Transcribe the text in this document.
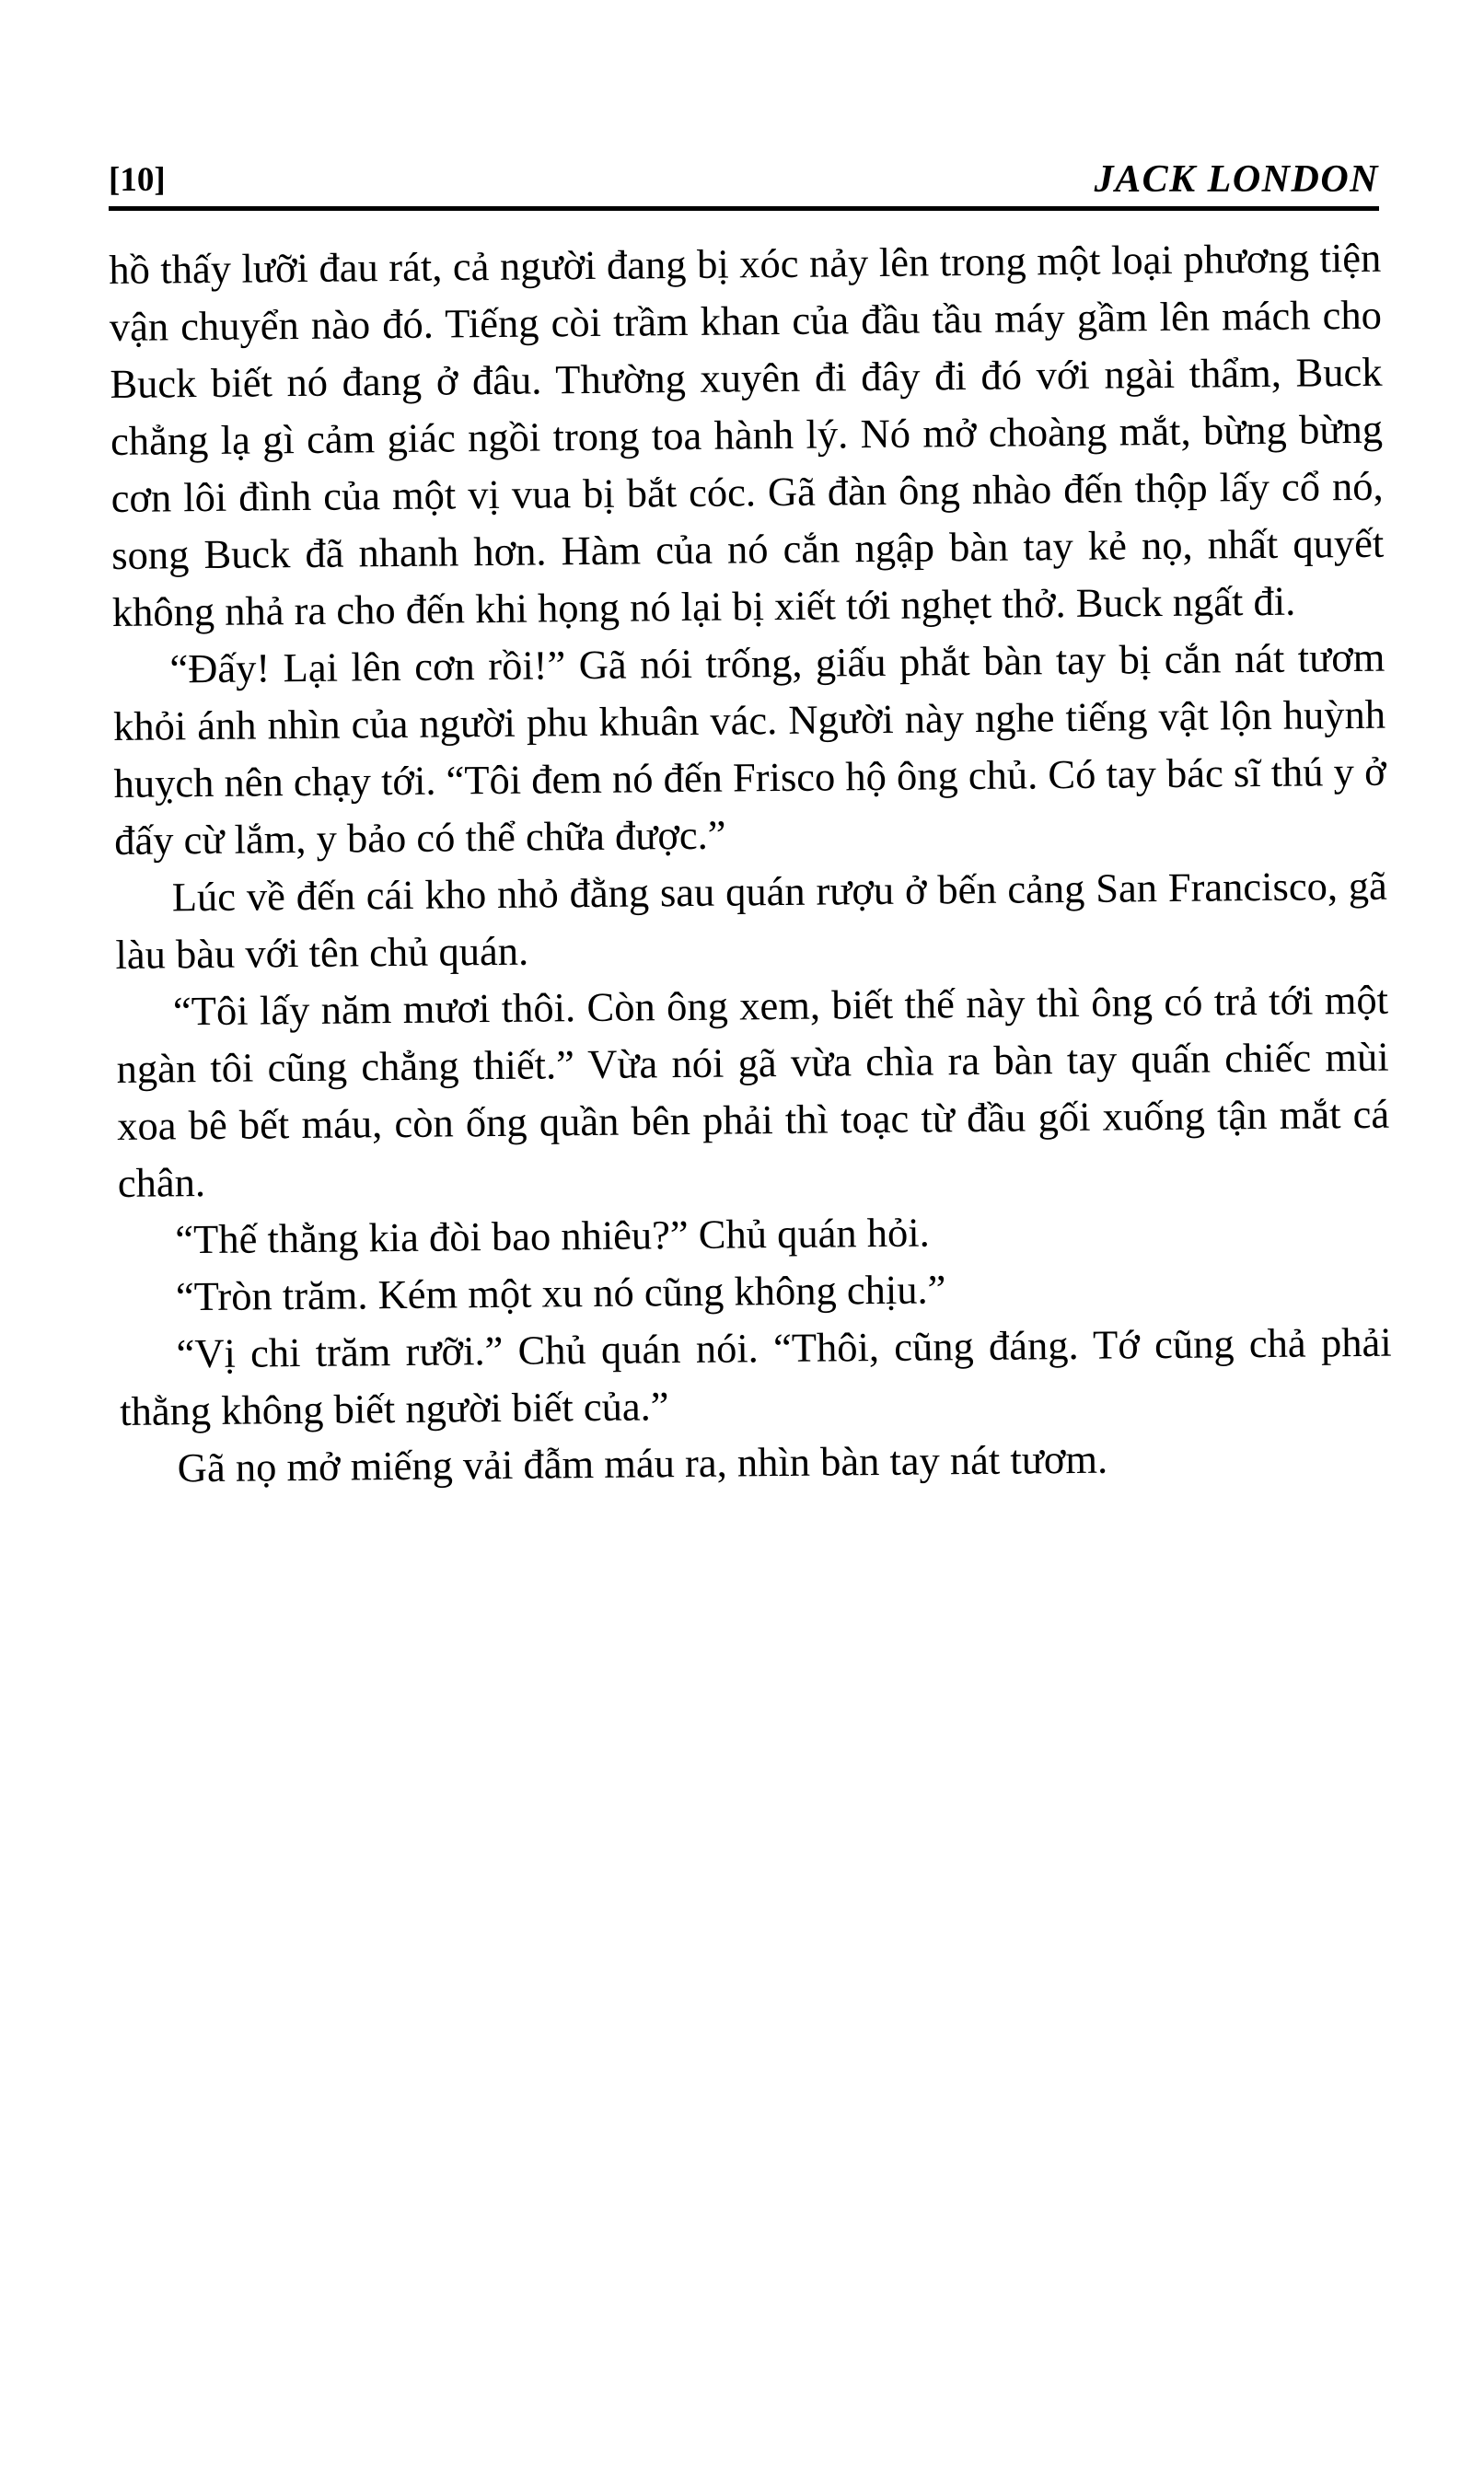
[10]	JACK LONDON

hồ thấy lưỡi đau rát, cả người đang bị xóc nảy lên trong một loại phương tiện vận chuyển nào đó. Tiếng còi trầm khan của đầu tầu máy gầm lên mách cho Buck biết nó đang ở đâu. Thường xuyên đi đây đi đó với ngài thẩm, Buck chẳng lạ gì cảm giác ngồi trong toa hành lý. Nó mở choàng mắt, bừng bừng cơn lôi đình của một vị vua bị bắt cóc. Gã đàn ông nhào đến thộp lấy cổ nó, song Buck đã nhanh hơn. Hàm của nó cắn ngập bàn tay kẻ nọ, nhất quyết không nhả ra cho đến khi họng nó lại bị xiết tới nghẹt thở. Buck ngất đi.

“Đấy! Lại lên cơn rồi!” Gã nói trống, giấu phắt bàn tay bị cắn nát tươm khỏi ánh nhìn của người phu khuân vác. Người này nghe tiếng vật lộn huỳnh huỵch nên chạy tới. “Tôi đem nó đến Frisco hộ ông chủ. Có tay bác sĩ thú y ở đấy cừ lắm, y bảo có thể chữa được.”

Lúc về đến cái kho nhỏ đằng sau quán rượu ở bến cảng San Francisco, gã làu bàu với tên chủ quán.

“Tôi lấy năm mươi thôi. Còn ông xem, biết thế này thì ông có trả tới một ngàn tôi cũng chẳng thiết.” Vừa nói gã vừa chìa ra bàn tay quấn chiếc mùi xoa bê bết máu, còn ống quần bên phải thì toạc từ đầu gối xuống tận mắt cá chân.

“Thế thằng kia đòi bao nhiêu?” Chủ quán hỏi.

“Tròn trăm. Kém một xu nó cũng không chịu.”

“Vị chi trăm rưỡi.” Chủ quán nói. “Thôi, cũng đáng. Tớ cũng chả phải thằng không biết người biết của.”

Gã nọ mở miếng vải đẫm máu ra, nhìn bàn tay nát tươm.
